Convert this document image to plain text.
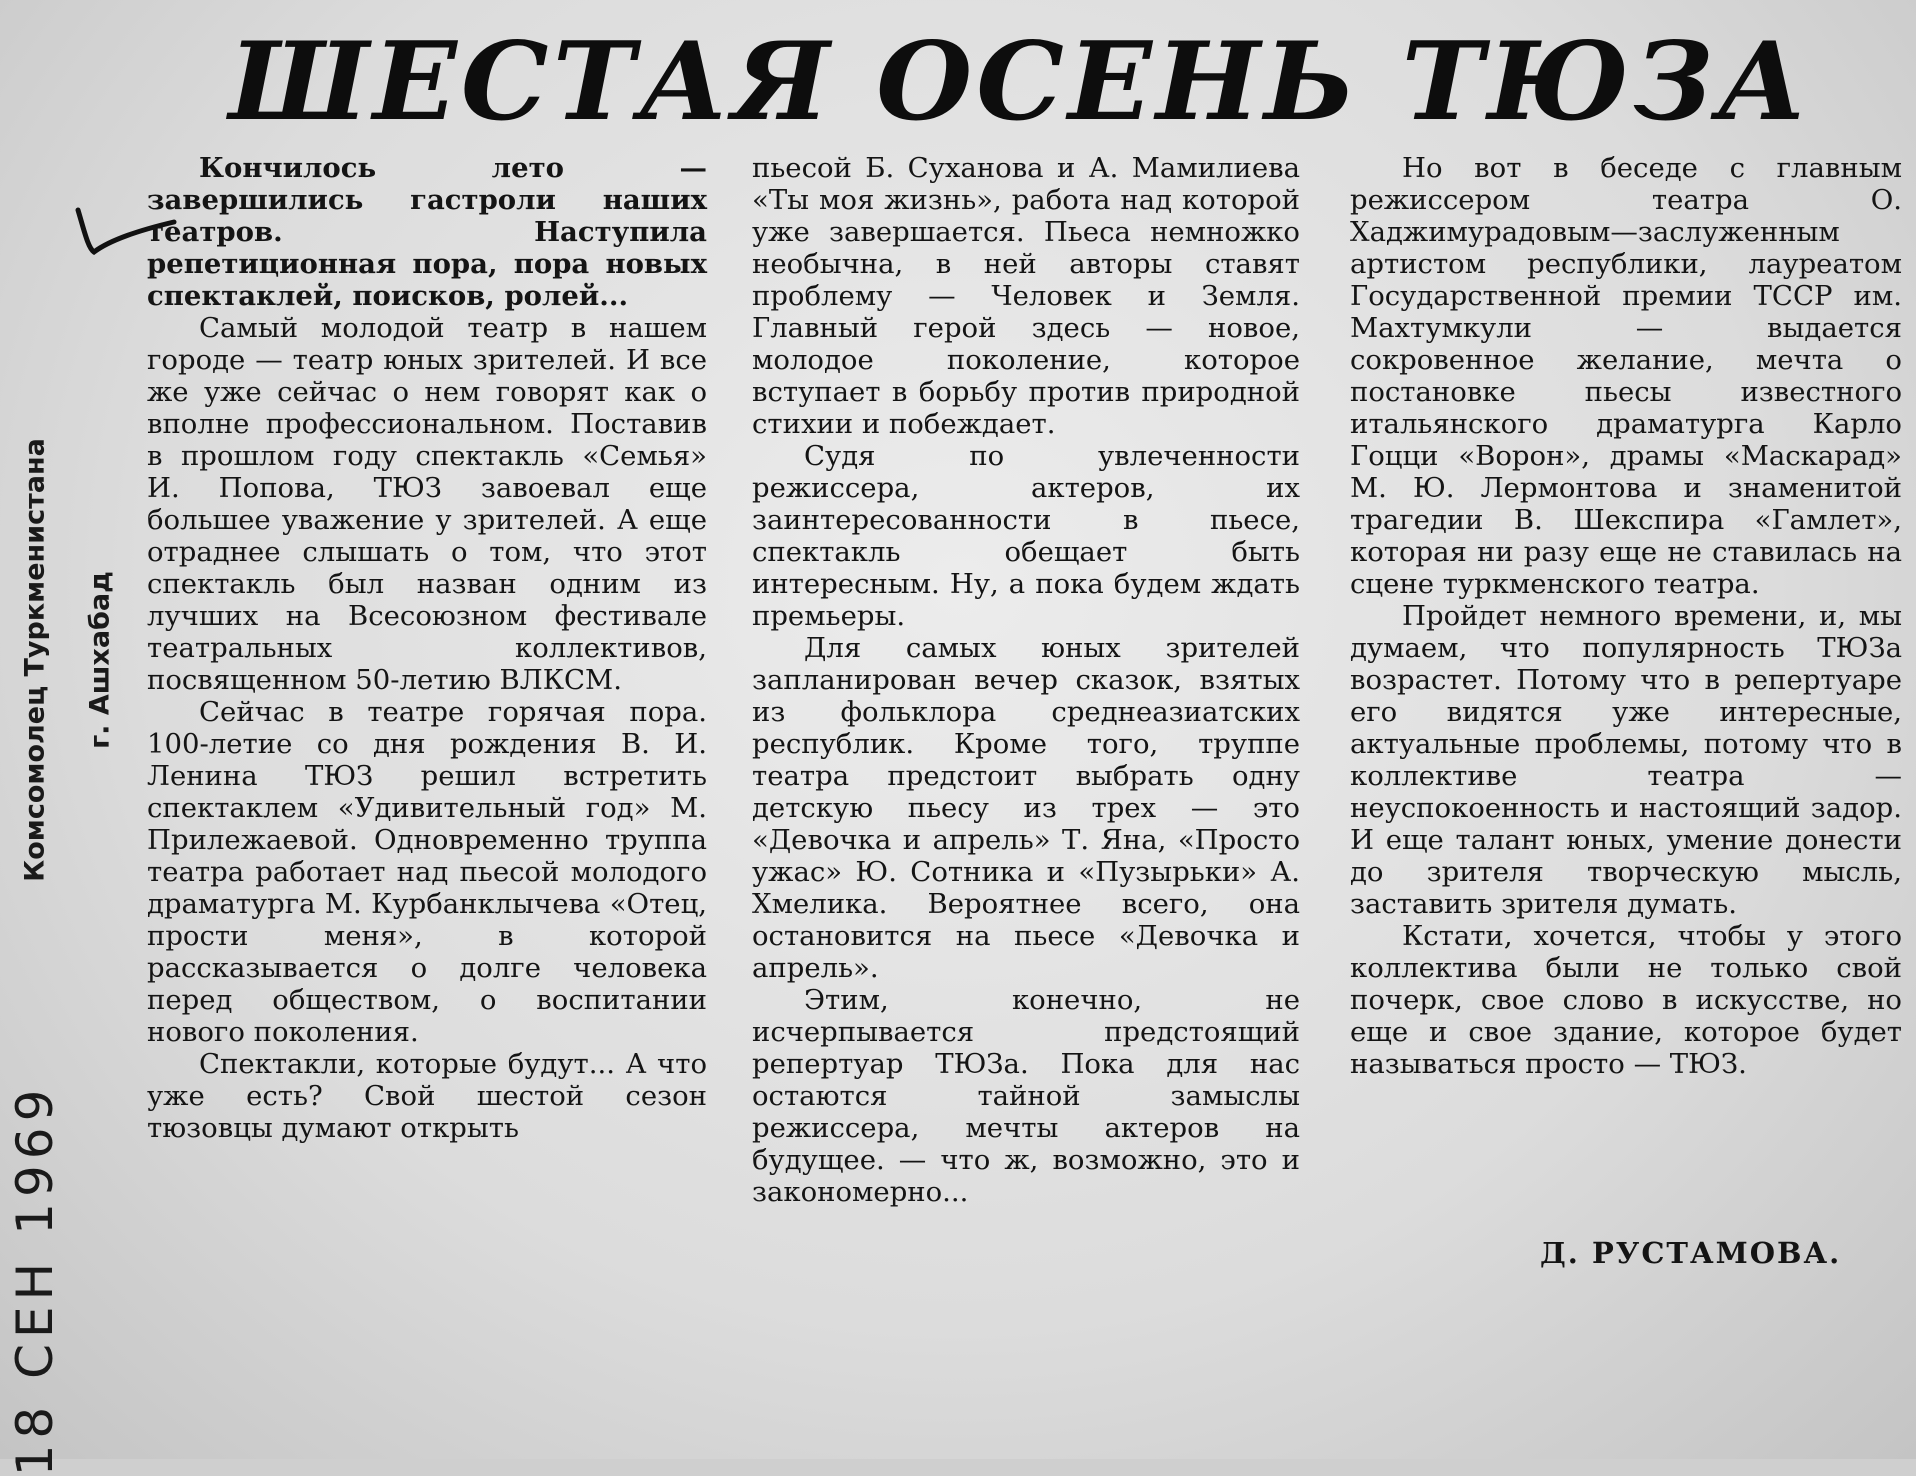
ШЕСТАЯ ОСЕНЬ ТЮЗА
Комсомолец Туркменистана г. Ашхабад
18 СЕН 1969

Кончилось лето — завершились гастроли наших театров. Наступила репетиционная пора, пора новых спектаклей, поисков, ролей...

Самый молодой театр в нашем городе — театр юных зрителей. И все же уже сейчас о нем говорят как о вполне профессиональном. Поставив в прошлом году спектакль «Семья» И. Попова, ТЮЗ завоевал еще большее уважение у зрителей. А еще отраднее слышать о том, что этот спектакль был назван одним из лучших на Всесоюзном фестивале театральных коллективов, посвященном 50-летию ВЛКСМ.

Сейчас в театре горячая пора. 100-летие со дня рождения В. И. Ленина ТЮЗ решил встретить спектаклем «Удивительный год» М. Прилежаевой. Одновременно труппа театра работает над пьесой молодого драматурга М. Курбанклычева «Отец, прости меня», в которой рассказывается о долге человека перед обществом, о воспитании нового поколения.

Спектакли, которые будут... А что уже есть? Свой шестой сезон тюзовцы думают открыть

пьесой Б. Суханова и А. Мамилиева «Ты моя жизнь», работа над которой уже завершается. Пьеса немножко необычна, в ней авторы ставят проблему — Человек и Земля. Главный герой здесь — новое, молодое поколение, которое вступает в борьбу против природной стихии и побеждает.

Судя по увлеченности режиссера, актеров, их заинтересованности в пьесе, спектакль обещает быть интересным. Ну, а пока будем ждать премьеры.

Для самых юных зрителей запланирован вечер сказок, взятых из фольклора среднеазиатских республик. Кроме того, труппе театра предстоит выбрать одну детскую пьесу из трех — это «Девочка и апрель» Т. Яна, «Просто ужас» Ю. Сотника и «Пузырьки» А. Хмелика. Вероятнее всего, она остановится на пьесе «Девочка и апрель».

Этим, конечно, не исчерпывается предстоящий репертуар ТЮЗа. Пока для нас остаются тайной замыслы режиссера, мечты актеров на будущее. — что ж, возможно, это и закономерно...

Но вот в беседе с главным режиссером театра О. Хаджимурадовым—заслуженным артистом республики, лауреатом Государственной премии ТССР им. Махтумкули — выдается сокровенное желание, мечта о постановке пьесы известного итальянского драматурга Карло Гоцци «Ворон», драмы «Маскарад» М. Ю. Лермонтова и знаменитой трагедии В. Шекспира «Гамлет», которая ни разу еще не ставилась на сцене туркменского театра.

Пройдет немного времени, и, мы думаем, что популярность ТЮЗа возрастет. Потому что в репертуаре его видятся уже интересные, актуальные проблемы, потому что в коллективе театра — неуспокоенность и настоящий задор. И еще талант юных, умение донести до зрителя творческую мысль, заставить зрителя думать.

Кстати, хочется, чтобы у этого коллектива были не только свой почерк, свое слово в искусстве, но еще и свое здание, которое будет называться просто — ТЮЗ.

Д. РУСТАМОВА.
